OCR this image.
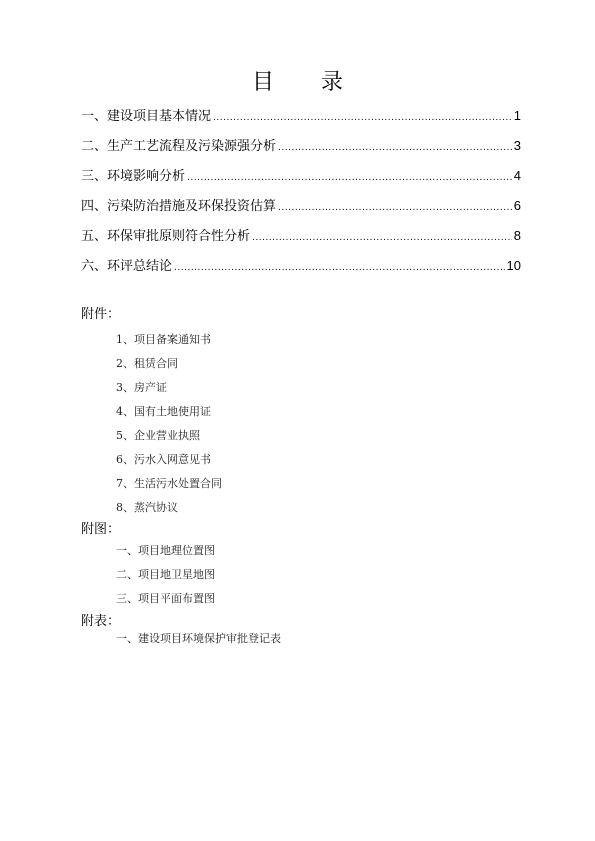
目 录
一、建设项目基本情况 .....	1
二、生产工艺流程及污染源强分析 .....	3
三、环境影响分析 .....	4
四、污染防治措施及环保投资估算 .....	6
五、环保审批原则符合性分析 .....	8
六、环评总结论 .....	10
附件：
1、项目备案通知书
2、租赁合同
3、房产证
4、国有土地使用证
5、企业营业执照
6、污水入网意见书
7、生活污水处置合同
8、蒸汽协议
附图：
一、项目地理位置图
二、项目地卫星地图
三、项目平面布置图
附表：
一、建设项目环境保护审批登记表
